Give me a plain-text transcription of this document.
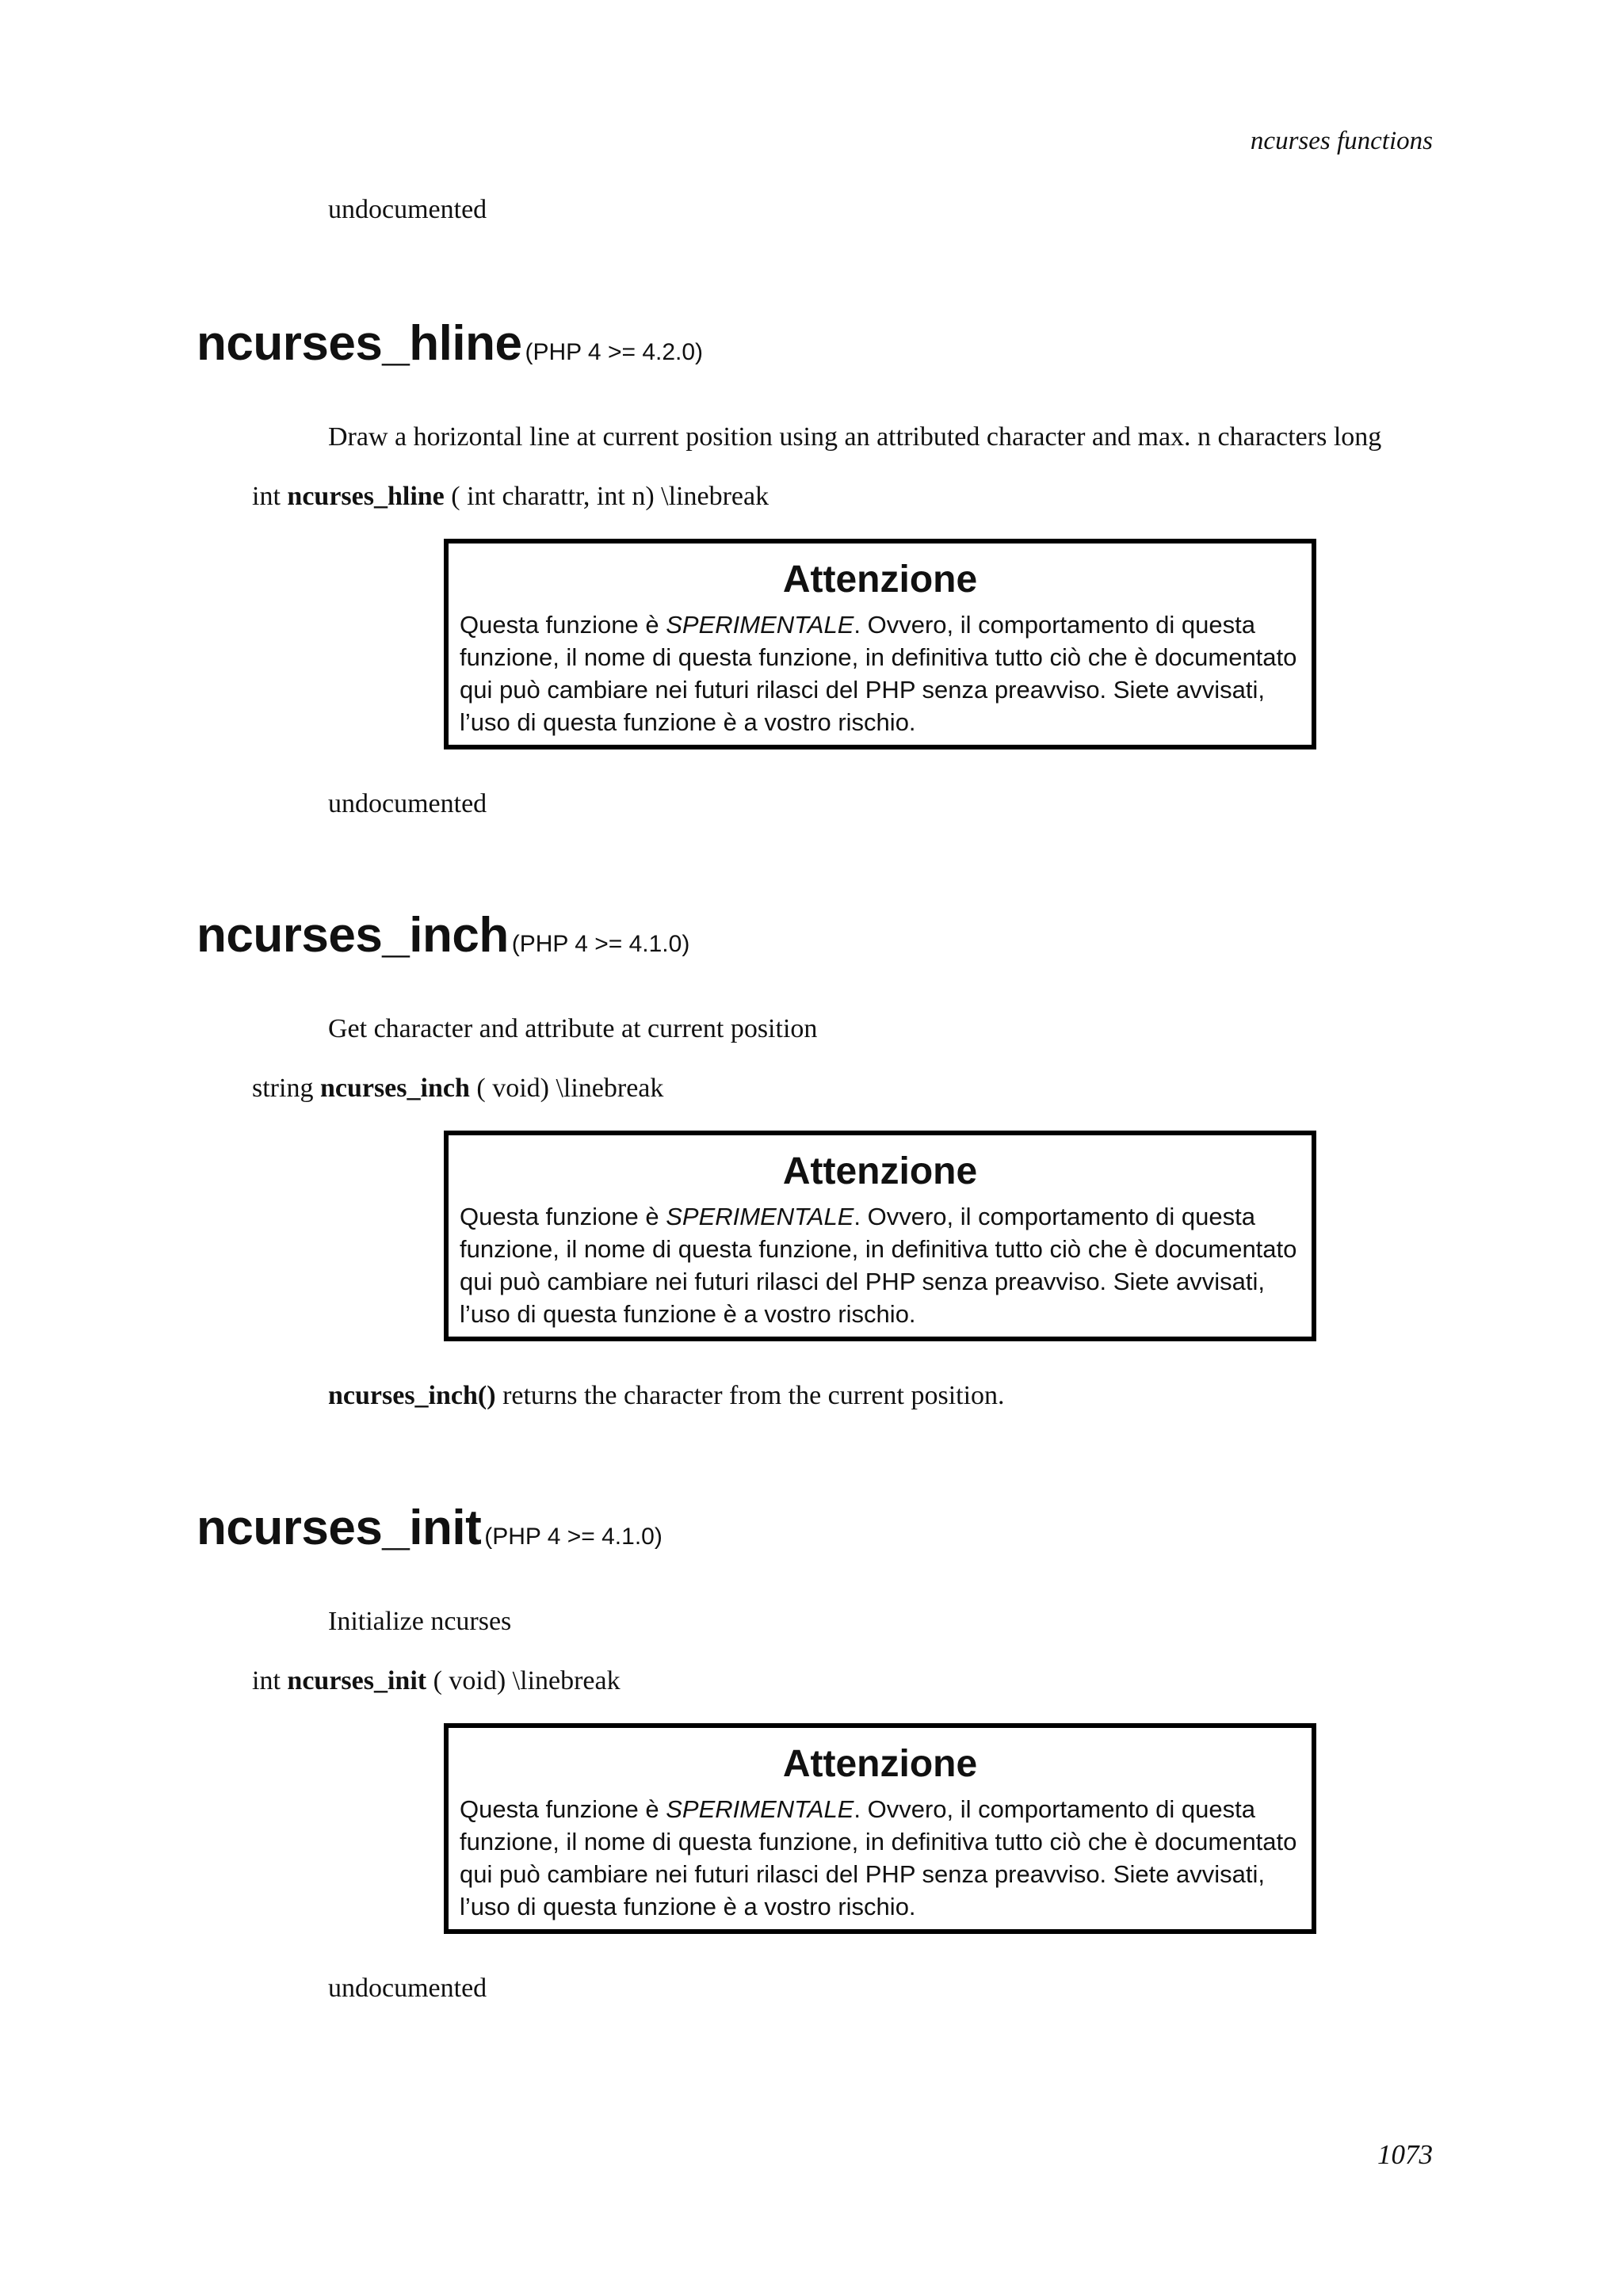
ncurses functions
undocumented
ncurses_hline (PHP 4 >= 4.2.0)
Draw a horizontal line at current position using an attributed character and max. n characters long
int ncurses_hline ( int charattr, int n) \linebreak
Attenzione
Questa funzione è SPERIMENTALE. Ovvero, il comportamento di questa funzione, il nome di questa funzione, in definitiva tutto ciò che è documentato qui può cambiare nei futuri rilasci del PHP senza preavviso. Siete avvisati, l’uso di questa funzione è a vostro rischio.
undocumented
ncurses_inch (PHP 4 >= 4.1.0)
Get character and attribute at current position
string ncurses_inch ( void) \linebreak
Attenzione
Questa funzione è SPERIMENTALE. Ovvero, il comportamento di questa funzione, il nome di questa funzione, in definitiva tutto ciò che è documentato qui può cambiare nei futuri rilasci del PHP senza preavviso. Siete avvisati, l’uso di questa funzione è a vostro rischio.
ncurses_inch() returns the character from the current position.
ncurses_init (PHP 4 >= 4.1.0)
Initialize ncurses
int ncurses_init ( void) \linebreak
Attenzione
Questa funzione è SPERIMENTALE. Ovvero, il comportamento di questa funzione, il nome di questa funzione, in definitiva tutto ciò che è documentato qui può cambiare nei futuri rilasci del PHP senza preavviso. Siete avvisati, l’uso di questa funzione è a vostro rischio.
undocumented
1073
